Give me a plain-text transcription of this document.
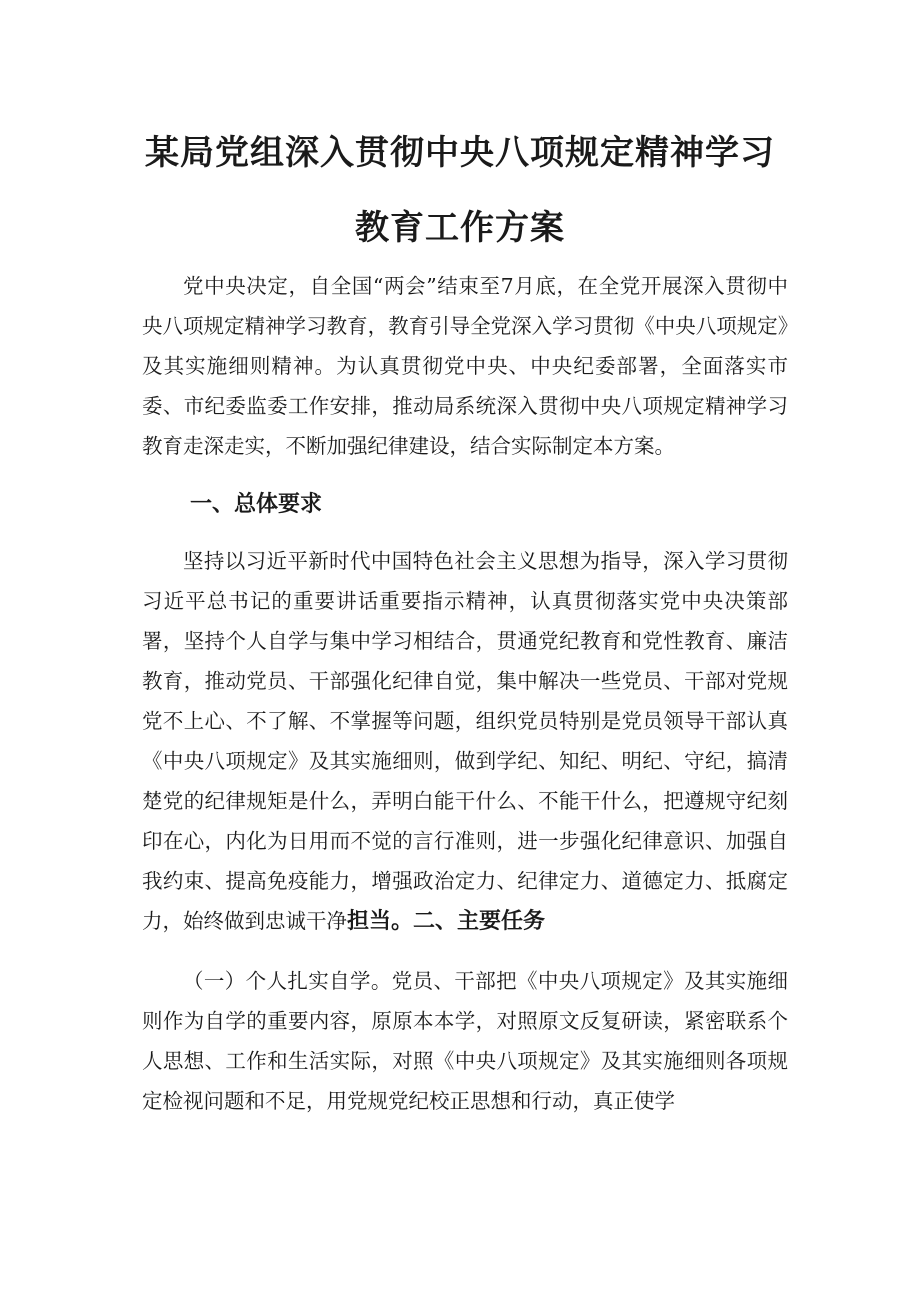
某局党组深入贯彻中央八项规定精神学习
教育工作方案

党中央决定，自全国“两会”结束至7月底，在全党开展深入贯彻中央八项规定精神学习教育，教育引导全党深入学习贯彻《中央八项规定》及其实施细则精神。为认真贯彻党中央、中央纪委部署，全面落实市委、市纪委监委工作安排，推动局系统深入贯彻中央八项规定精神学习教育走深走实，不断加强纪律建设，结合实际制定本方案。

一、总体要求

坚持以习近平新时代中国特色社会主义思想为指导，深入学习贯彻习近平总书记的重要讲话重要指示精神，认真贯彻落实党中央决策部署，坚持个人自学与集中学习相结合，贯通党纪教育和党性教育、廉洁教育，推动党员、干部强化纪律自觉，集中解决一些党员、干部对党规党不上心、不了解、不掌握等问题，组织党员特别是党员领导干部认真《中央八项规定》及其实施细则，做到学纪、知纪、明纪、守纪，搞清楚党的纪律规矩是什么，弄明白能干什么、不能干什么，把遵规守纪刻印在心，内化为日用而不觉的言行准则，进一步强化纪律意识、加强自我约束、提高免疫能力，增强政治定力、纪律定力、道德定力、抵腐定力，始终做到忠诚干净担当。二、主要任务

（一）个人扎实自学。党员、干部把《中央八项规定》及其实施细则作为自学的重要内容，原原本本学，对照原文反复研读，紧密联系个人思想、工作和生活实际，对照《中央八项规定》及其实施细则各项规定检视问题和不足，用党规党纪校正思想和行动，真正使学
